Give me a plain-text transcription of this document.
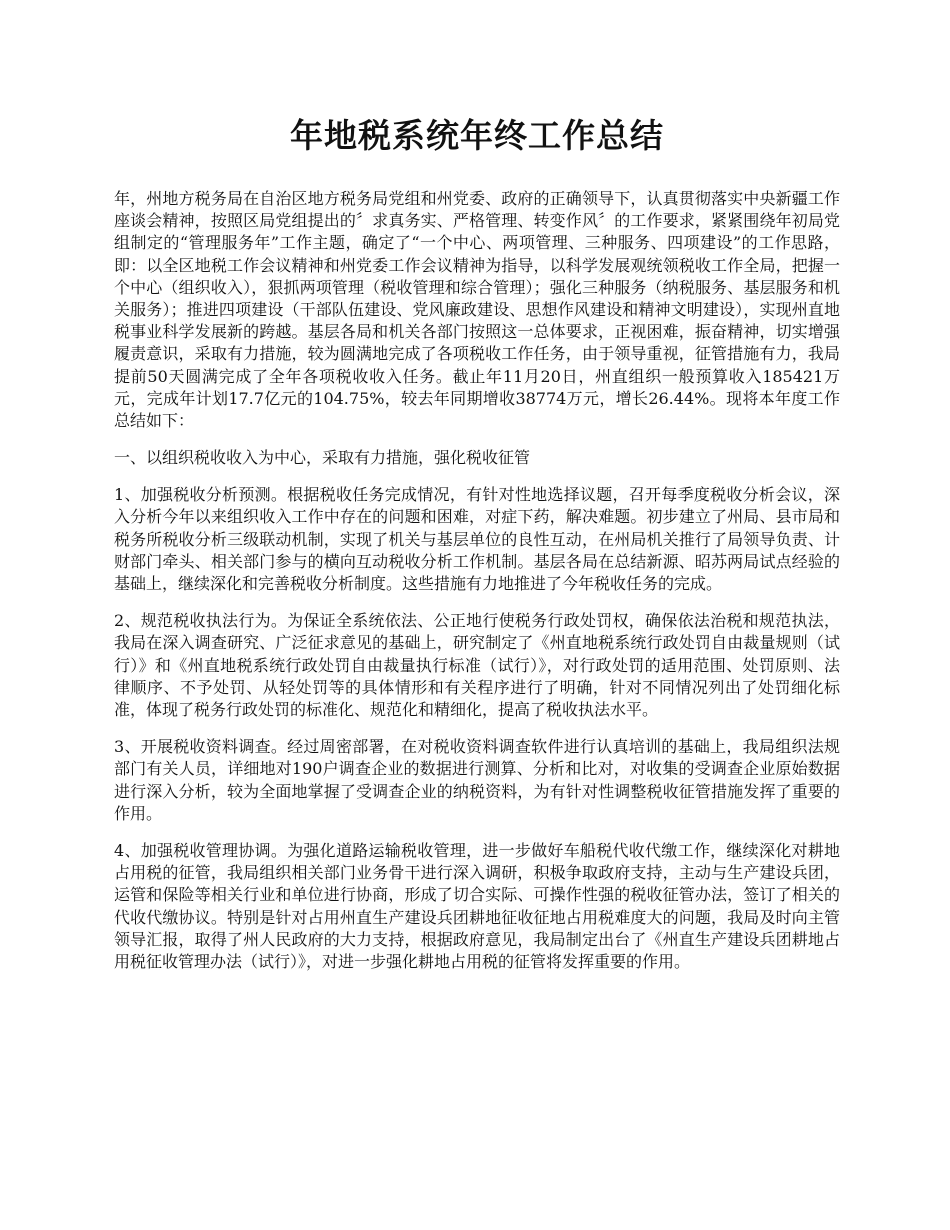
年地税系统年终工作总结

年，州地方税务局在自治区地方税务局党组和州党委、政府的正确领导下，认真贯彻落实中央新疆工作座谈会精神，按照区局党组提出的〞求真务实、严格管理、转变作风〞的工作要求，紧紧围绕年初局党组制定的“管理服务年”工作主题，确定了“一个中心、两项管理、三种服务、四项建设”的工作思路，即：以全区地税工作会议精神和州党委工作会议精神为指导，以科学发展观统领税收工作全局，把握一个中心（组织收入），狠抓两项管理（税收管理和综合管理）；强化三种服务（纳税服务、基层服务和机关服务）；推进四项建设（干部队伍建设、党风廉政建设、思想作风建设和精神文明建设），实现州直地税事业科学发展新的跨越。基层各局和机关各部门按照这一总体要求，正视困难，振奋精神，切实增强履责意识，采取有力措施，较为圆满地完成了各项税收工作任务，由于领导重视，征管措施有力，我局提前50天圆满完成了全年各项税收收入任务。截止年11月20日，州直组织一般预算收入185421万元，完成年计划17.7亿元的104.75%，较去年同期增收38774万元，增长26.44%。现将本年度工作总结如下：

一、以组织税收收入为中心，采取有力措施，强化税收征管

1、加强税收分析预测。根据税收任务完成情况，有针对性地选择议题，召开每季度税收分析会议，深入分析今年以来组织收入工作中存在的问题和困难，对症下药，解决难题。初步建立了州局、县市局和税务所税收分析三级联动机制，实现了机关与基层单位的良性互动，在州局机关推行了局领导负责、计财部门牵头、相关部门参与的横向互动税收分析工作机制。基层各局在总结新源、昭苏两局试点经验的基础上，继续深化和完善税收分析制度。这些措施有力地推进了今年税收任务的完成。

2、规范税收执法行为。为保证全系统依法、公正地行使税务行政处罚权，确保依法治税和规范执法，我局在深入调查研究、广泛征求意见的基础上，研究制定了《州直地税系统行政处罚自由裁量规则（试行）》和《州直地税系统行政处罚自由裁量执行标准（试行）》，对行政处罚的适用范围、处罚原则、法律顺序、不予处罚、从轻处罚等的具体情形和有关程序进行了明确，针对不同情况列出了处罚细化标准，体现了税务行政处罚的标准化、规范化和精细化，提高了税收执法水平。

3、开展税收资料调查。经过周密部署，在对税收资料调查软件进行认真培训的基础上，我局组织法规部门有关人员，详细地对190户调查企业的数据进行测算、分析和比对，对收集的受调查企业原始数据进行深入分析，较为全面地掌握了受调查企业的纳税资料，为有针对性调整税收征管措施发挥了重要的作用。

4、加强税收管理协调。为强化道路运输税收管理，进一步做好车船税代收代缴工作，继续深化对耕地占用税的征管，我局组织相关部门业务骨干进行深入调研，积极争取政府支持，主动与生产建设兵团，运管和保险等相关行业和单位进行协商，形成了切合实际、可操作性强的税收征管办法，签订了相关的代收代缴协议。特别是针对占用州直生产建设兵团耕地征收征地占用税难度大的问题，我局及时向主管领导汇报，取得了州人民政府的大力支持，根据政府意见，我局制定出台了《州直生产建设兵团耕地占用税征收管理办法（试行）》，对进一步强化耕地占用税的征管将发挥重要的作用。
